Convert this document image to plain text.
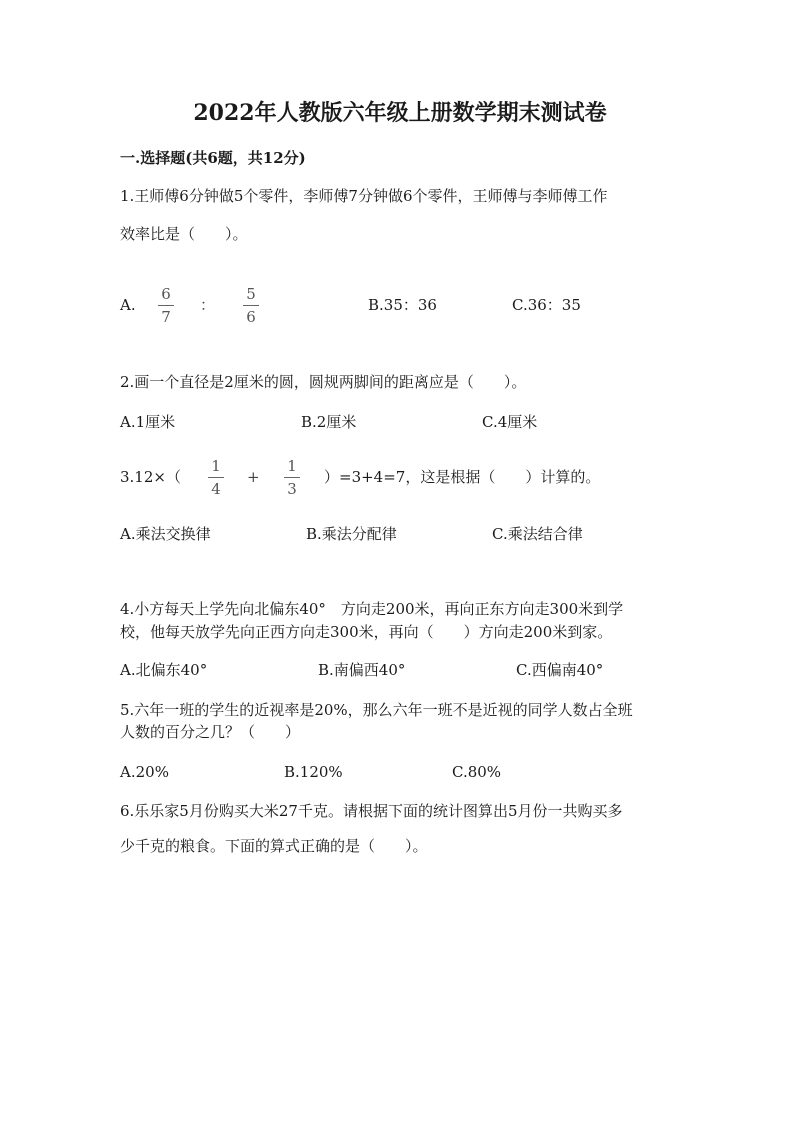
2022年人教版六年级上册数学期末测试卷
一.选择题(共6题，共12分)
1.王师傅6分钟做5个零件，李师傅7分钟做6个零件，王师傅与李师傅工作
效率比是（　　）。
A.
6
7
：
5
6
B.35：36	C.36：35
2.画一个直径是2厘米的圆，圆规两脚间的距离应是（　　）。
A.1厘米	B.2厘米	C.4厘米
3.12×（
1
4
+
1
3
）=3+4=7，这是根据（　　）计算的。
A.乘法交换律	B.乘法分配律	C.乘法结合律
4.小方每天上学先向北偏东40°　方向走200米，再向正东方向走300米到学
校，他每天放学先向正西方向走300米，再向（　　）方向走200米到家。
A.北偏东40°	B.南偏西40°	C.西偏南40°
5.六年一班的学生的近视率是20%，那么六年一班不是近视的同学人数占全班
人数的百分之几？（　　）
A.20%	B.120%	C.80%
6.乐乐家5月份购买大米27千克。请根据下面的统计图算出5月份一共购买多
少千克的粮食。下面的算式正确的是（　　）。
